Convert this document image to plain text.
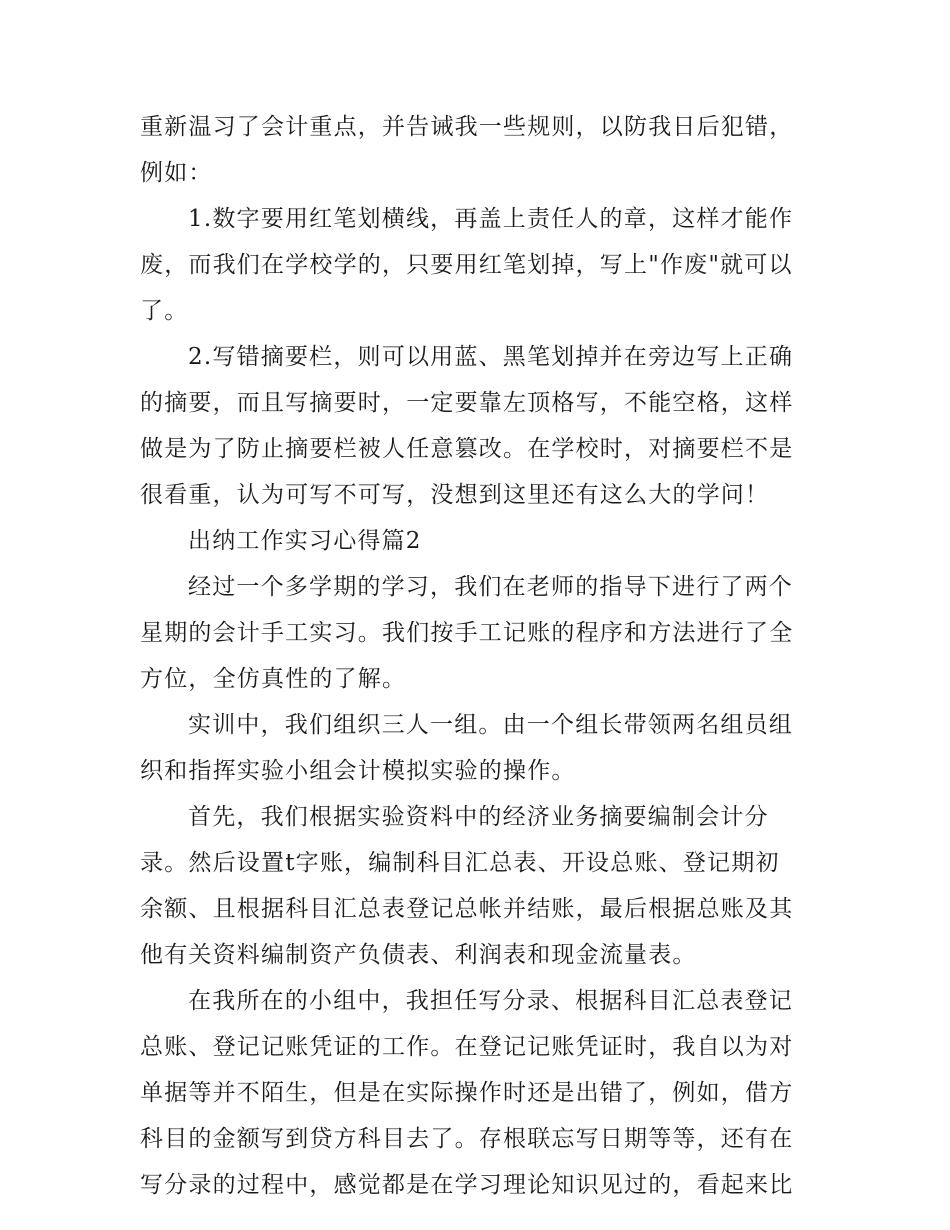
重新温习了会计重点，并告诫我一些规则，以防我日后犯错，
例如：

1.数字要用红笔划横线，再盖上责任人的章，这样才能作
废，而我们在学校学的，只要用红笔划掉，写上"作废"就可以
了。

2.写错摘要栏，则可以用蓝、黑笔划掉并在旁边写上正确
的摘要，而且写摘要时，一定要靠左顶格写，不能空格，这样
做是为了防止摘要栏被人任意篡改。在学校时，对摘要栏不是
很看重，认为可写不可写，没想到这里还有这么大的学问！

出纳工作实习心得篇2

经过一个多学期的学习，我们在老师的指导下进行了两个
星期的会计手工实习。我们按手工记账的程序和方法进行了全
方位，全仿真性的了解。

实训中，我们组织三人一组。由一个组长带领两名组员组
织和指挥实验小组会计模拟实验的操作。

首先，我们根据实验资料中的经济业务摘要编制会计分
录。然后设置t字账，编制科目汇总表、开设总账、登记期初
余额、且根据科目汇总表登记总帐并结账，最后根据总账及其
他有关资料编制资产负债表、利润表和现金流量表。

在我所在的小组中，我担任写分录、根据科目汇总表登记
总账、登记记账凭证的工作。在登记记账凭证时，我自以为对
单据等并不陌生，但是在实际操作时还是出错了，例如，借方
科目的金额写到贷方科目去了。存根联忘写日期等等，还有在
写分录的过程中，感觉都是在学习理论知识见过的，看起来比
